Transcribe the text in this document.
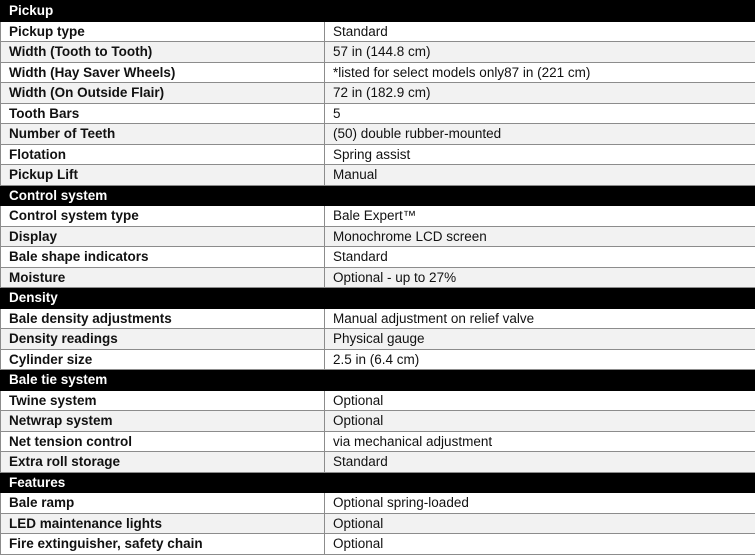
Pickup	
Pickup type	Standard
Width (Tooth to Tooth)	57 in (144.8 cm)
Width (Hay Saver Wheels)	*listed for select models only87 in (221 cm)
Width (On Outside Flair)	72 in (182.9 cm)
Tooth Bars	5
Number of Teeth	(50) double rubber-mounted
Flotation	Spring assist
Pickup Lift	Manual
Control system	
Control system type	Bale Expert™
Display	Monochrome LCD screen
Bale shape indicators	Standard
Moisture	Optional - up to 27%
Density	
Bale density adjustments	Manual adjustment on relief valve
Density readings	Physical gauge
Cylinder size	2.5 in (6.4 cm)
Bale tie system	
Twine system	Optional
Netwrap system	Optional
Net tension control	via mechanical adjustment
Extra roll storage	Standard
Features	
Bale ramp	Optional spring-loaded
LED maintenance lights	Optional
Fire extinguisher, safety chain	Optional
